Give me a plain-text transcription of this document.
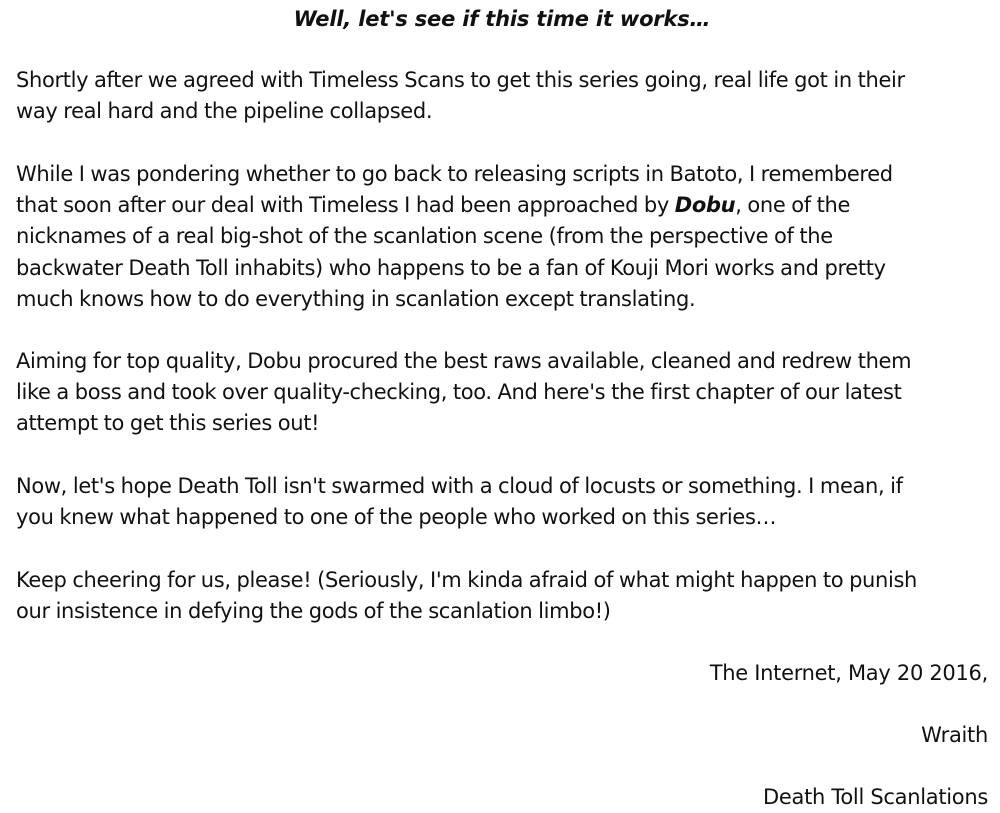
Well, let's see if this time it works…
Shortly after we agreed with Timeless Scans to get this series going, real life got in their
way real hard and the pipeline collapsed.
While I was pondering whether to go back to releasing scripts in Batoto, I remembered
that soon after our deal with Timeless I had been approached by Dobu, one of the
nicknames of a real big-shot of the scanlation scene (from the perspective of the
backwater Death Toll inhabits) who happens to be a fan of Kouji Mori works and pretty
much knows how to do everything in scanlation except translating.
Aiming for top quality, Dobu procured the best raws available, cleaned and redrew them
like a boss and took over quality-checking, too. And here's the first chapter of our latest
attempt to get this series out!
Now, let's hope Death Toll isn't swarmed with a cloud of locusts or something. I mean, if
you knew what happened to one of the people who worked on this series…
Keep cheering for us, please! (Seriously, I'm kinda afraid of what might happen to punish
our insistence in defying the gods of the scanlation limbo!)
The Internet, May 20 2016,
Wraith
Death Toll Scanlations
